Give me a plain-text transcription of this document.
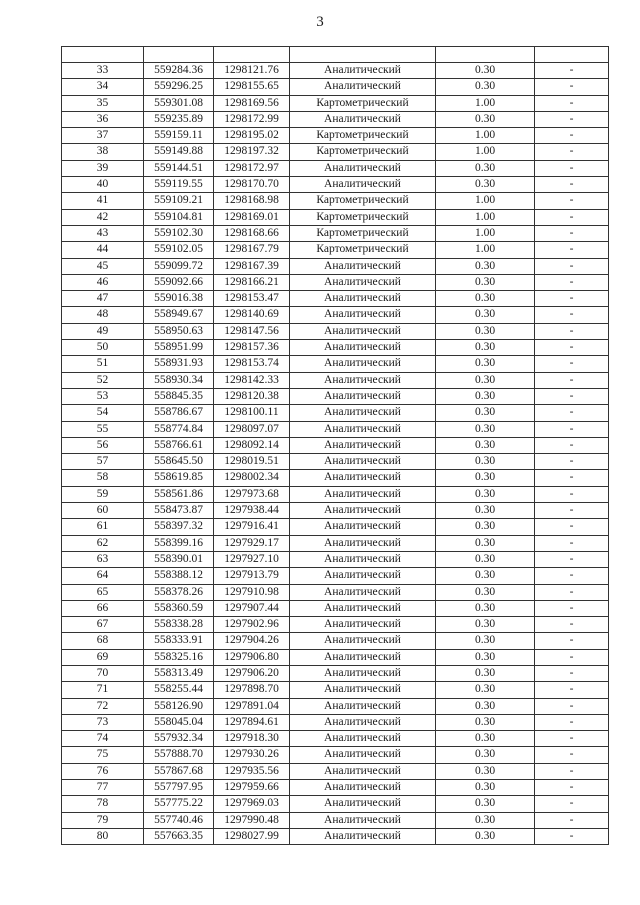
3

33	559284.36	1298121.76	Аналитический	0.30	-
34	559296.25	1298155.65	Аналитический	0.30	-
35	559301.08	1298169.56	Картометрический	1.00	-
36	559235.89	1298172.99	Аналитический	0.30	-
37	559159.11	1298195.02	Картометрический	1.00	-
38	559149.88	1298197.32	Картометрический	1.00	-
39	559144.51	1298172.97	Аналитический	0.30	-
40	559119.55	1298170.70	Аналитический	0.30	-
41	559109.21	1298168.98	Картометрический	1.00	-
42	559104.81	1298169.01	Картометрический	1.00	-
43	559102.30	1298168.66	Картометрический	1.00	-
44	559102.05	1298167.79	Картометрический	1.00	-
45	559099.72	1298167.39	Аналитический	0.30	-
46	559092.66	1298166.21	Аналитический	0.30	-
47	559016.38	1298153.47	Аналитический	0.30	-
48	558949.67	1298140.69	Аналитический	0.30	-
49	558950.63	1298147.56	Аналитический	0.30	-
50	558951.99	1298157.36	Аналитический	0.30	-
51	558931.93	1298153.74	Аналитический	0.30	-
52	558930.34	1298142.33	Аналитический	0.30	-
53	558845.35	1298120.38	Аналитический	0.30	-
54	558786.67	1298100.11	Аналитический	0.30	-
55	558774.84	1298097.07	Аналитический	0.30	-
56	558766.61	1298092.14	Аналитический	0.30	-
57	558645.50	1298019.51	Аналитический	0.30	-
58	558619.85	1298002.34	Аналитический	0.30	-
59	558561.86	1297973.68	Аналитический	0.30	-
60	558473.87	1297938.44	Аналитический	0.30	-
61	558397.32	1297916.41	Аналитический	0.30	-
62	558399.16	1297929.17	Аналитический	0.30	-
63	558390.01	1297927.10	Аналитический	0.30	-
64	558388.12	1297913.79	Аналитический	0.30	-
65	558378.26	1297910.98	Аналитический	0.30	-
66	558360.59	1297907.44	Аналитический	0.30	-
67	558338.28	1297902.96	Аналитический	0.30	-
68	558333.91	1297904.26	Аналитический	0.30	-
69	558325.16	1297906.80	Аналитический	0.30	-
70	558313.49	1297906.20	Аналитический	0.30	-
71	558255.44	1297898.70	Аналитический	0.30	-
72	558126.90	1297891.04	Аналитический	0.30	-
73	558045.04	1297894.61	Аналитический	0.30	-
74	557932.34	1297918.30	Аналитический	0.30	-
75	557888.70	1297930.26	Аналитический	0.30	-
76	557867.68	1297935.56	Аналитический	0.30	-
77	557797.95	1297959.66	Аналитический	0.30	-
78	557775.22	1297969.03	Аналитический	0.30	-
79	557740.46	1297990.48	Аналитический	0.30	-
80	557663.35	1298027.99	Аналитический	0.30	-
